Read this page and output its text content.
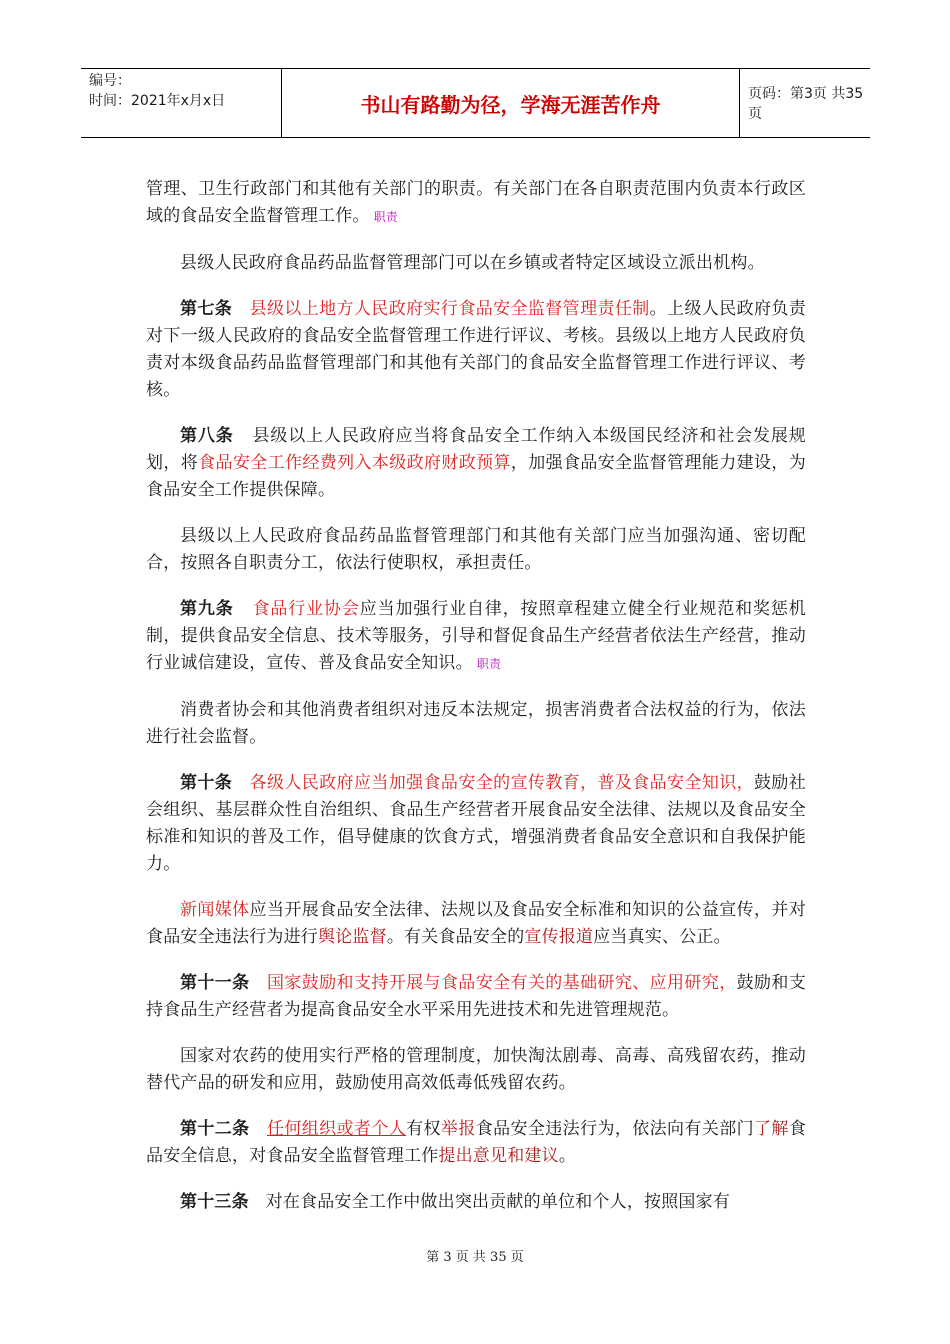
编号：
时间：2021年x月x日	书山有路勤为径，学海无涯苦作舟	页码：第3页 共35页

管理、卫生行政部门和其他有关部门的职责。有关部门在各自职责范围内负责本行政区域的食品安全监督管理工作。 职责

县级人民政府食品药品监督管理部门可以在乡镇或者特定区域设立派出机构。

第七条 县级以上地方人民政府实行食品安全监督管理责任制。上级人民政府负责对下一级人民政府的食品安全监督管理工作进行评议、考核。县级以上地方人民政府负责对本级食品药品监督管理部门和其他有关部门的食品安全监督管理工作进行评议、考核。

第八条 县级以上人民政府应当将食品安全工作纳入本级国民经济和社会发展规划，将食品安全工作经费列入本级政府财政预算，加强食品安全监督管理能力建设，为食品安全工作提供保障。

县级以上人民政府食品药品监督管理部门和其他有关部门应当加强沟通、密切配合，按照各自职责分工，依法行使职权，承担责任。

第九条 食品行业协会应当加强行业自律，按照章程建立健全行业规范和奖惩机制，提供食品安全信息、技术等服务，引导和督促食品生产经营者依法生产经营，推动行业诚信建设，宣传、普及食品安全知识。 职责

消费者协会和其他消费者组织对违反本法规定，损害消费者合法权益的行为，依法进行社会监督。

第十条 各级人民政府应当加强食品安全的宣传教育，普及食品安全知识，鼓励社会组织、基层群众性自治组织、食品生产经营者开展食品安全法律、法规以及食品安全标准和知识的普及工作，倡导健康的饮食方式，增强消费者食品安全意识和自我保护能力。

新闻媒体应当开展食品安全法律、法规以及食品安全标准和知识的公益宣传，并对食品安全违法行为进行舆论监督。有关食品安全的宣传报道应当真实、公正。

第十一条 国家鼓励和支持开展与食品安全有关的基础研究、应用研究，鼓励和支持食品生产经营者为提高食品安全水平采用先进技术和先进管理规范。

国家对农药的使用实行严格的管理制度，加快淘汰剧毒、高毒、高残留农药，推动替代产品的研发和应用，鼓励使用高效低毒低残留农药。

第十二条 任何组织或者个人有权举报食品安全违法行为，依法向有关部门了解食品安全信息，对食品安全监督管理工作提出意见和建议。

第十三条 对在食品安全工作中做出突出贡献的单位和个人，按照国家有

第 3 页 共 35 页
